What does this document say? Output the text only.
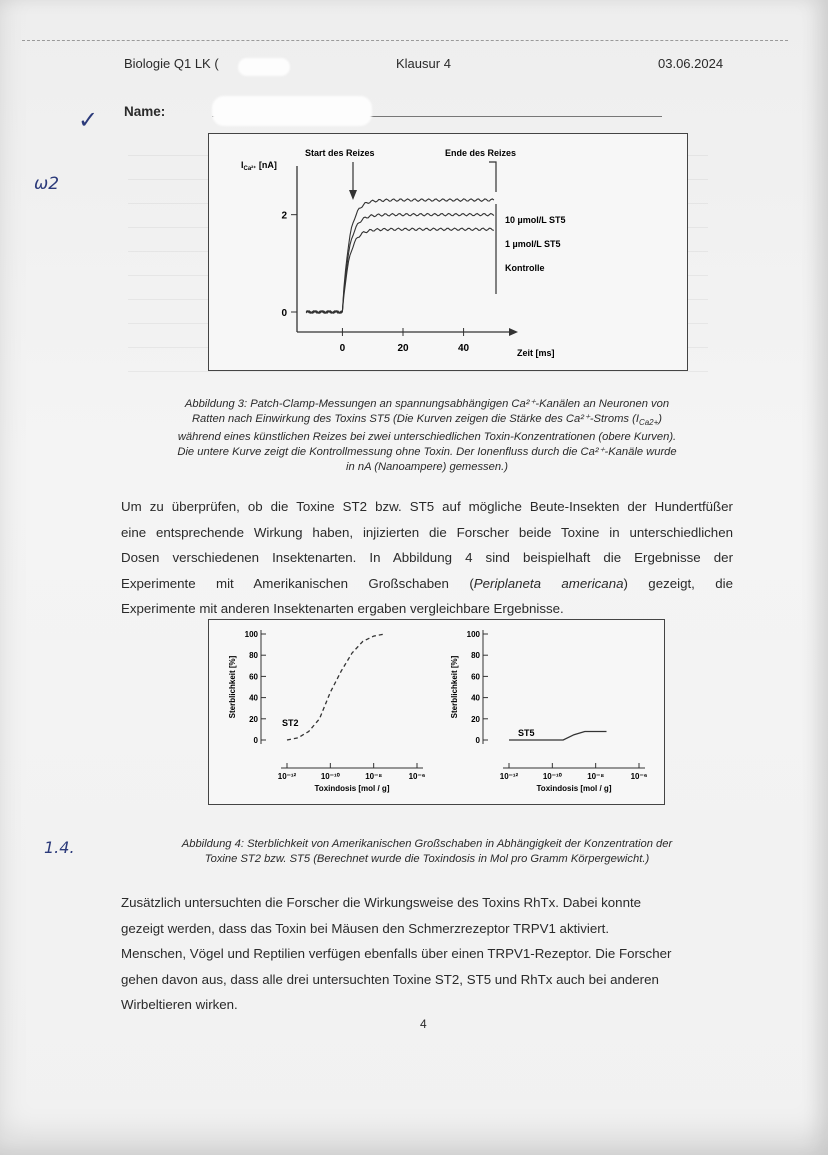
Biologie Q1 LK (	Klausur 4	03.06.2024
Name:
✓
ω2
1.4.
$I_{Ca^{2+}}$ [nA]
Start des Reizes	Ende des Reizes
0	20	40
0
2	10 µmol/L ST5
1 µmol/L ST5
Kontrolle
Zeit [ms]
Abbildung 3: Patch-Clamp-Messungen an spannungsabhängigen Ca²⁺-Kanälen an Neuronen von
Ratten nach Einwirkung des Toxins ST5 (Die Kurven zeigen die Stärke des Ca²⁺-Stroms $(I_{Ca2+})$
während eines künstlichen Reizes bei zwei unterschiedlichen Toxin-Konzentrationen (obere Kurven).
Die untere Kurve zeigt die Kontrollmessung ohne Toxin. Der Ionenfluss durch die Ca²⁺-Kanäle wurde
in nA (Nanoampere) gemessen.)
Um zu überprüfen, ob die Toxine ST2 bzw. ST5 auf mögliche Beute-Insekten der Hundertfüßer
eine entsprechende Wirkung haben, injizierten die Forscher beide Toxine in unterschiedlichen
Dosen verschiedenen Insektenarten. In Abbildung 4 sind beispielhaft die Ergebnisse der
Experimente mit Amerikanischen Großschaben (Periplaneta americana) gezeigt, die
Experimente mit anderen Insektenarten ergaben vergleichbare Ergebnisse.
0
20
40
60
80
100
10⁻¹²	10⁻¹⁰	10⁻⁸	10⁻⁶
Toxindosis [mol / g]
Sterblichkeit [%]
ST2
0
20
40
60
80
100
10⁻¹²	10⁻¹⁰	10⁻⁸	10⁻⁶
Toxindosis [mol / g]
Sterblichkeit [%]
ST5
Abbildung 4: Sterblichkeit von Amerikanischen Großschaben in Abhängigkeit der Konzentration der
Toxine ST2 bzw. ST5 (Berechnet wurde die Toxindosis in Mol pro Gramm Körpergewicht.)
Zusätzlich untersuchten die Forscher die Wirkungsweise des Toxins RhTx. Dabei konnte
gezeigt werden, dass das Toxin bei Mäusen den Schmerzrezeptor TRPV1 aktiviert.
Menschen, Vögel und Reptilien verfügen ebenfalls über einen TRPV1-Rezeptor. Die Forscher
gehen davon aus, dass alle drei untersuchten Toxine ST2, ST5 und RhTx auch bei anderen
Wirbeltieren wirken.
4
